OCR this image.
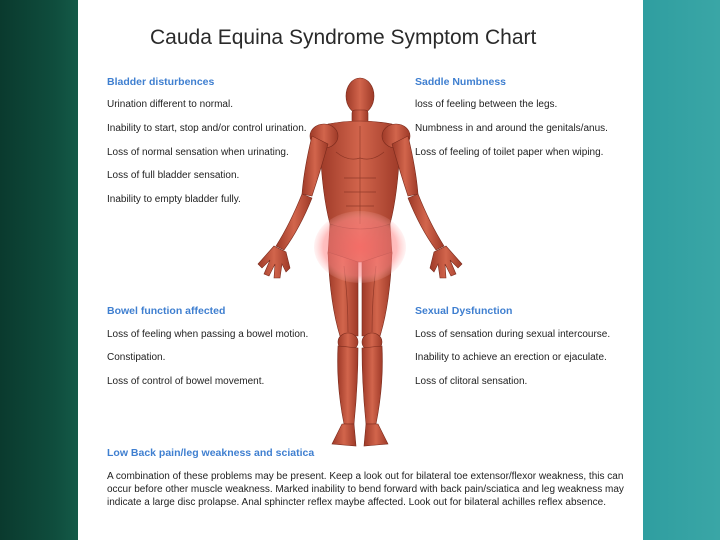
Cauda Equina Syndrome Symptom Chart
Bladder disturbences
Urination different to normal.
Inability to start, stop and/or control urination.
Loss of normal sensation when urinating.
Loss of full bladder sensation.
Inability to empty bladder fully.
Saddle Numbness
loss of feeling between the legs.
Numbness in and around the genitals/anus.
Loss of feeling of toilet paper when wiping.
Bowel function affected
Loss of feeling when passing a bowel motion.
Constipation.
Loss of control of bowel movement.
Sexual Dysfunction
Loss of sensation during sexual intercourse.
Inability to achieve an erection or ejaculate.
Loss of clitoral sensation.
Low Back pain/leg weakness and sciatica
A combination of these problems may be present. Keep a look out for bilateral toe extensor/flexor weakness, this can occur before other muscle weakness. Marked inability to bend forward with back pain/sciatica and leg weakness may indicate a large disc prolapse. Anal sphincter reflex maybe affected. Look out for bilateral achilles reflex absence.
